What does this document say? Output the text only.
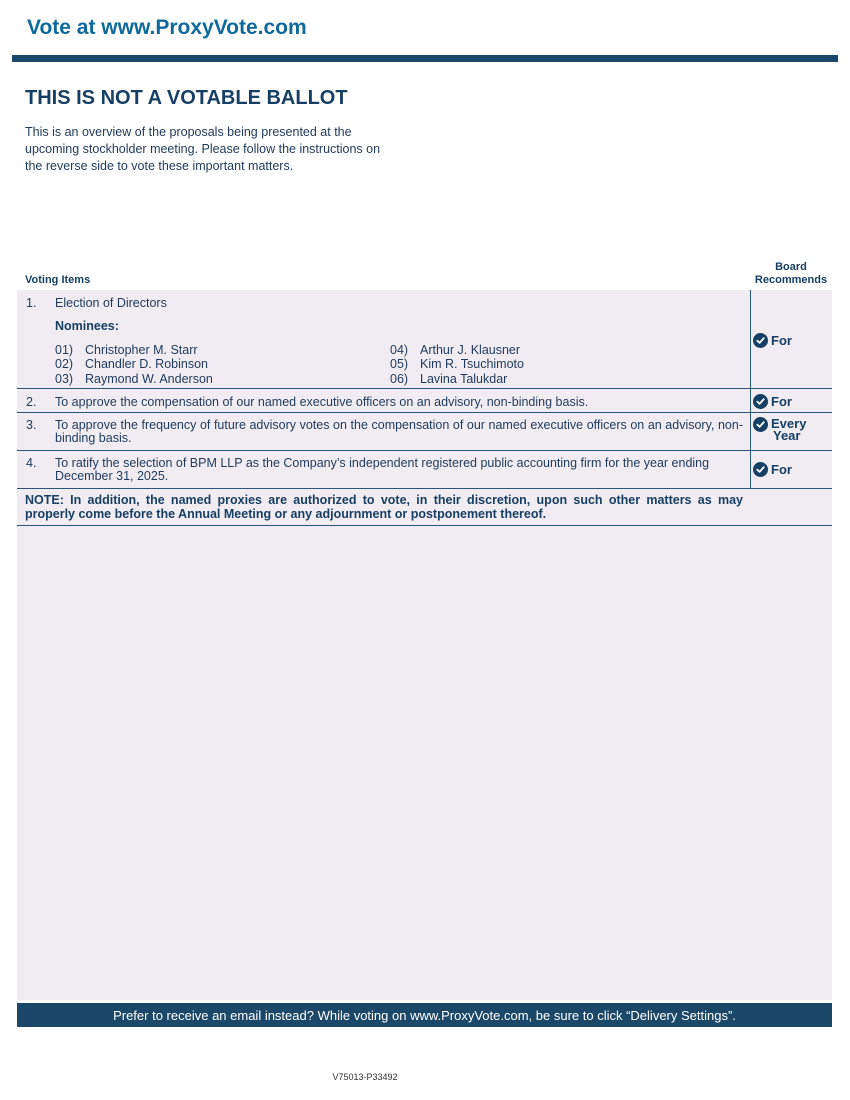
Vote at www.ProxyVote.com
THIS IS NOT A VOTABLE BALLOT
This is an overview of the proposals being presented at the
upcoming stockholder meeting. Please follow the instructions on
the reverse side to vote these important matters.
Voting Items
Board
Recommends
1. Election of Directors
Nominees:
01) Christopher M. Starr
02) Chandler D. Robinson
03) Raymond W. Anderson
04) Arthur J. Klausner
05) Kim R. Tsuchimoto
06) Lavina Talukdar
For
2. To approve the compensation of our named executive officers on an advisory, non-binding basis.	For
3. To approve the frequency of future advisory votes on the compensation of our named executive officers on an advisory, non-binding basis.
Every
Year
4. To ratify the selection of BPM LLP as the Company’s independent registered public accounting firm for the year ending December 31, 2025.	For
NOTE: In addition, the named proxies are authorized to vote, in their discretion, upon such other matters as may properly come before the Annual Meeting or any adjournment or postponement thereof.
Prefer to receive an email instead? While voting on www.ProxyVote.com, be sure to click “Delivery Settings”.
V75013-P33492
